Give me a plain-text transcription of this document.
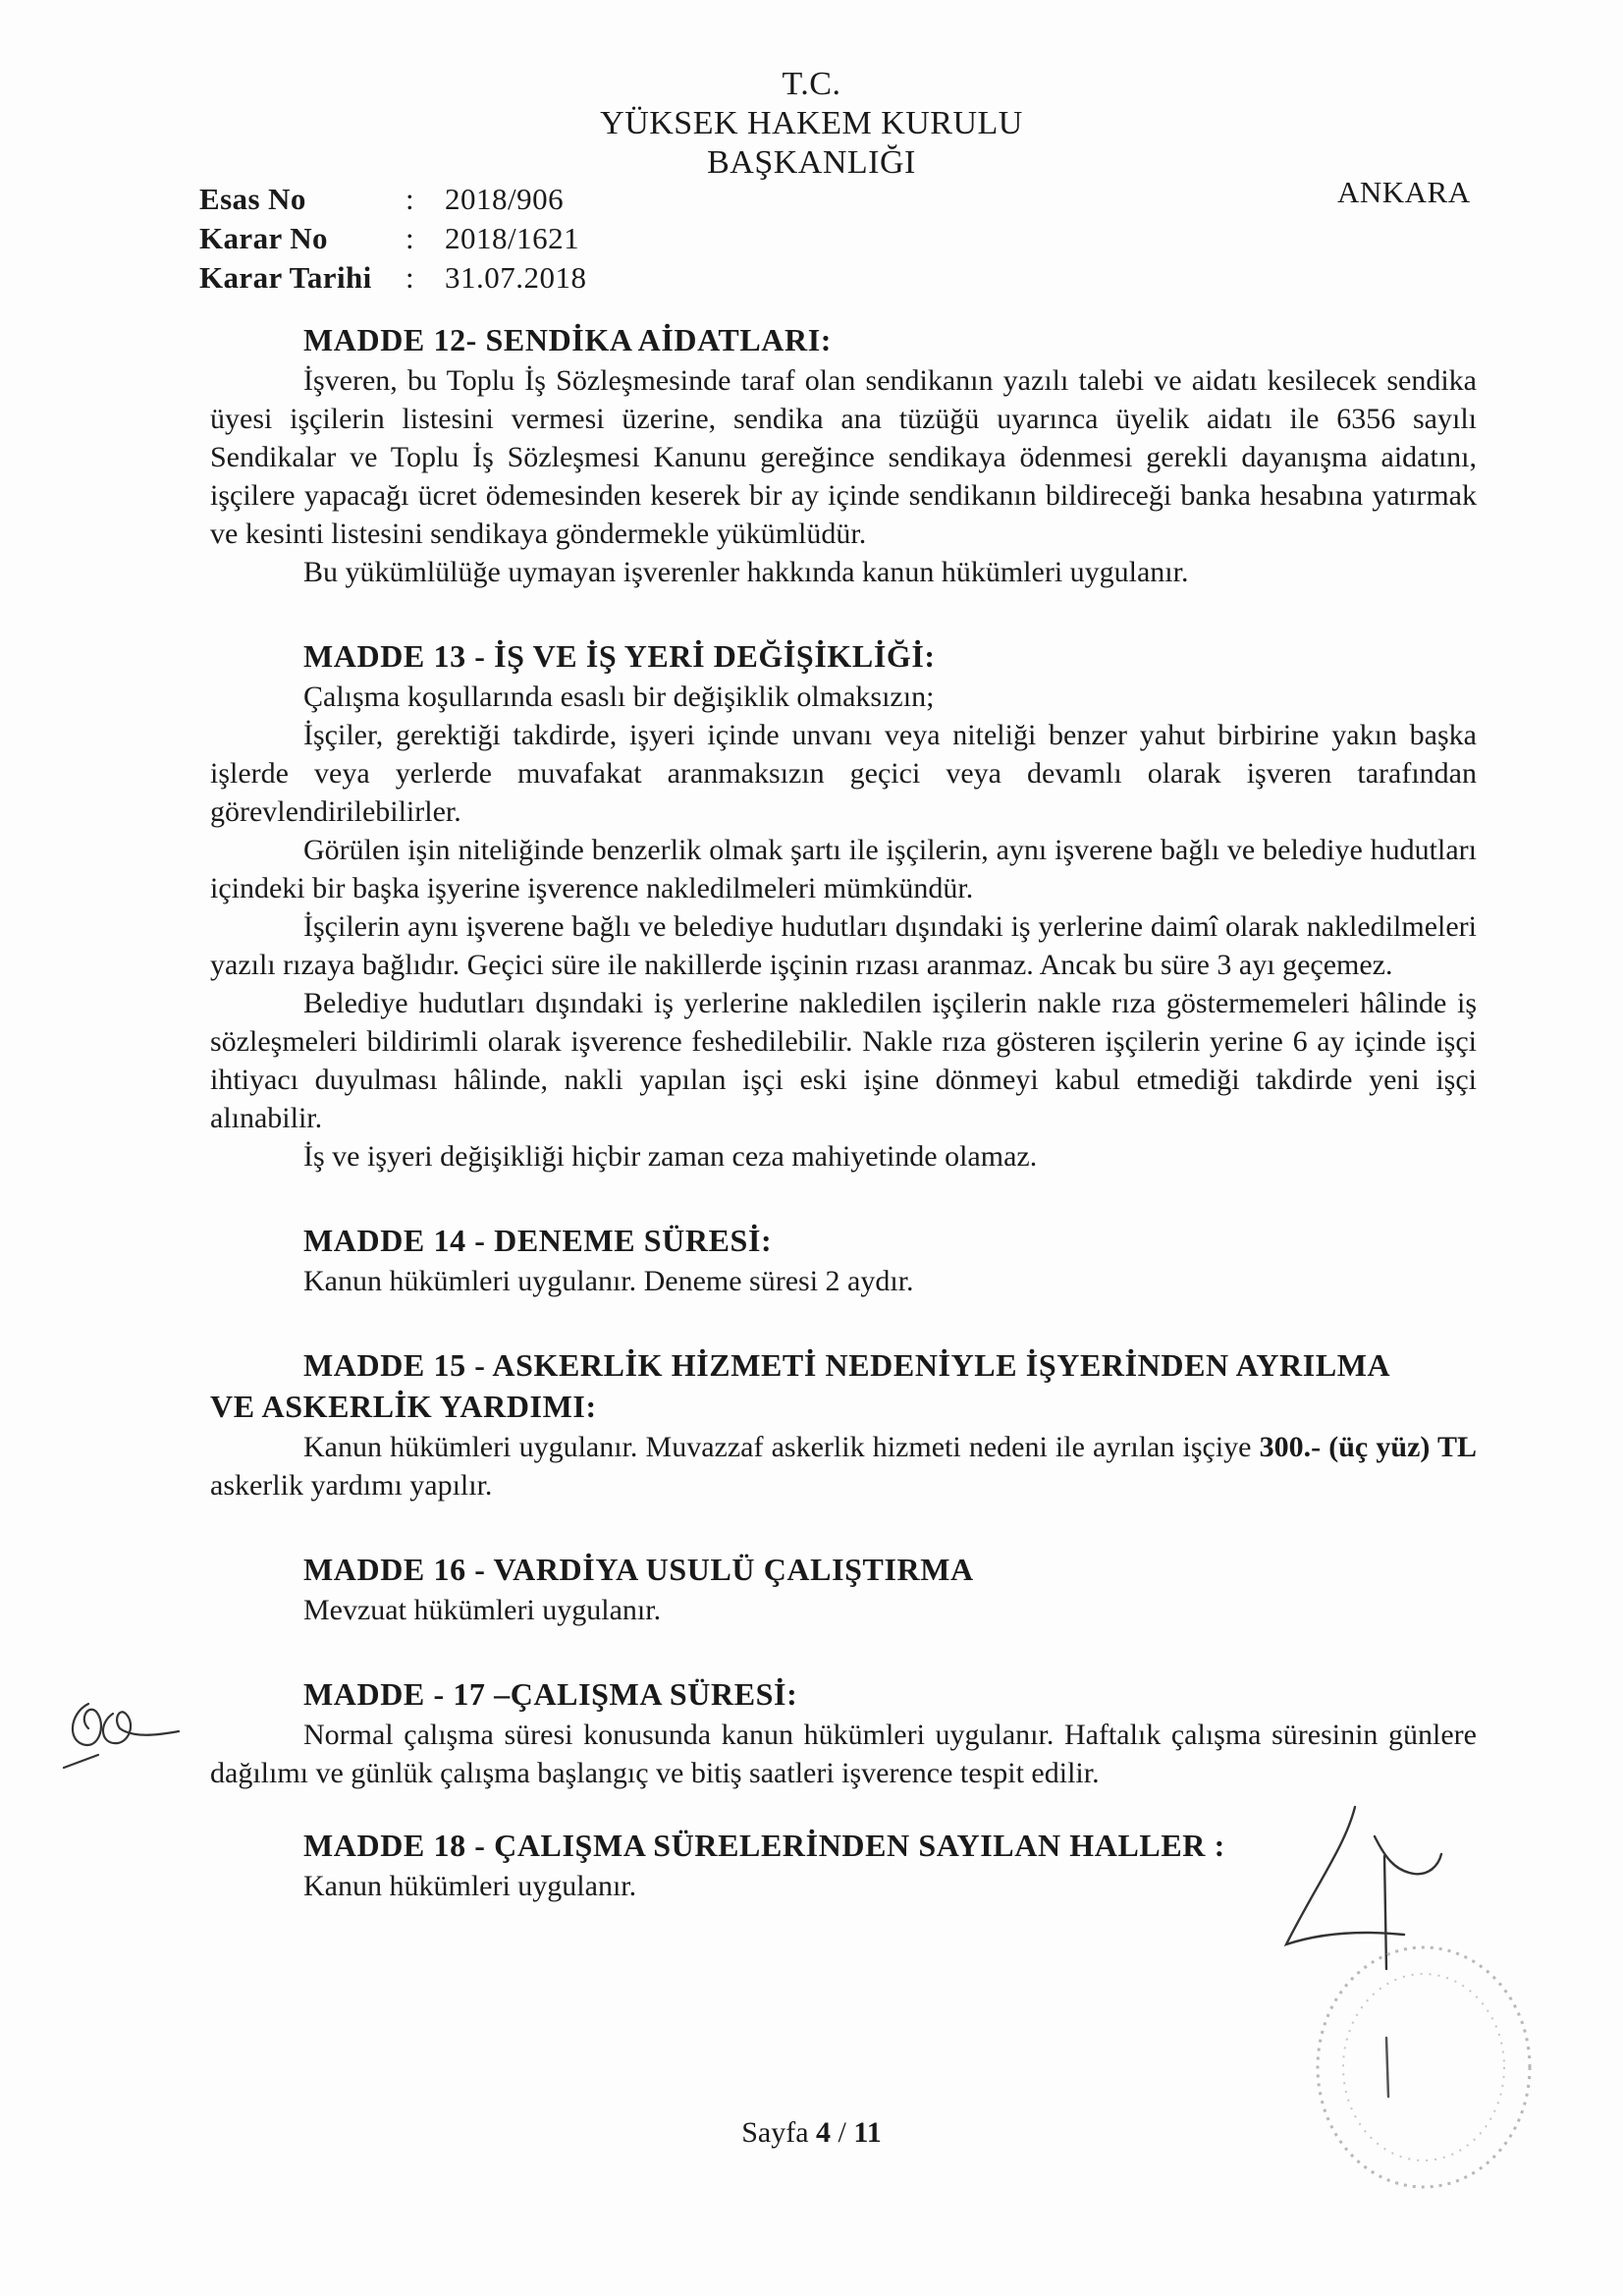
T.C.
YÜKSEK HAKEM KURULU
BAŞKANLIĞI
ANKARA
Esas No	:	2018/906
Karar No	:	2018/1621
Karar Tarihi	:	31.07.2018
MADDE 12- SENDİKA AİDATLARI:

İşveren, bu Toplu İş Sözleşmesinde taraf olan sendikanın yazılı talebi ve aidatı kesilecek sendika üyesi işçilerin listesini vermesi üzerine, sendika ana tüzüğü uyarınca üyelik aidatı ile 6356 sayılı Sendikalar ve Toplu İş Sözleşmesi Kanunu gereğince sendikaya ödenmesi gerekli dayanışma aidatını, işçilere yapacağı ücret ödemesinden keserek bir ay içinde sendikanın bildireceği banka hesabına yatırmak ve kesinti listesini sendikaya göndermekle yükümlüdür.

Bu yükümlülüğe uymayan işverenler hakkında kanun hükümleri uygulanır.

MADDE 13 - İŞ VE İŞ YERİ DEĞİŞİKLİĞİ:

Çalışma koşullarında esaslı bir değişiklik olmaksızın;

İşçiler, gerektiği takdirde, işyeri içinde unvanı veya niteliği benzer yahut birbirine yakın başka işlerde veya yerlerde muvafakat aranmaksızın geçici veya devamlı olarak işveren tarafından görevlendirilebilirler.

Görülen işin niteliğinde benzerlik olmak şartı ile işçilerin, aynı işverene bağlı ve belediye hudutları içindeki bir başka işyerine işverence nakledilmeleri mümkündür.

İşçilerin aynı işverene bağlı ve belediye hudutları dışındaki iş yerlerine daimî olarak nakledilmeleri yazılı rızaya bağlıdır. Geçici süre ile nakillerde işçinin rızası aranmaz. Ancak bu süre 3 ayı geçemez.

Belediye hudutları dışındaki iş yerlerine nakledilen işçilerin nakle rıza göstermemeleri hâlinde iş sözleşmeleri bildirimli olarak işverence feshedilebilir. Nakle rıza gösteren işçilerin yerine 6 ay içinde işçi ihtiyacı duyulması hâlinde, nakli yapılan işçi eski işine dönmeyi kabul etmediği takdirde yeni işçi alınabilir.

İş ve işyeri değişikliği hiçbir zaman ceza mahiyetinde olamaz.

MADDE 14 - DENEME SÜRESİ:

Kanun hükümleri uygulanır. Deneme süresi 2 aydır.

MADDE 15 - ASKERLİK HİZMETİ NEDENİYLE İŞYERİNDEN AYRILMA
VE ASKERLİK YARDIMI:

Kanun hükümleri uygulanır. Muvazzaf askerlik hizmeti nedeni ile ayrılan işçiye 300.- (üç yüz) TL askerlik yardımı yapılır.

MADDE 16 - VARDİYA USULÜ ÇALIŞTIRMA

Mevzuat hükümleri uygulanır.

MADDE - 17 –ÇALIŞMA SÜRESİ:

Normal çalışma süresi konusunda kanun hükümleri uygulanır. Haftalık çalışma süresinin günlere dağılımı ve günlük çalışma başlangıç ve bitiş saatleri işverence tespit edilir.

MADDE 18 - ÇALIŞMA SÜRELERİNDEN SAYILAN HALLER :

Kanun hükümleri uygulanır.

Sayfa 4 / 11
